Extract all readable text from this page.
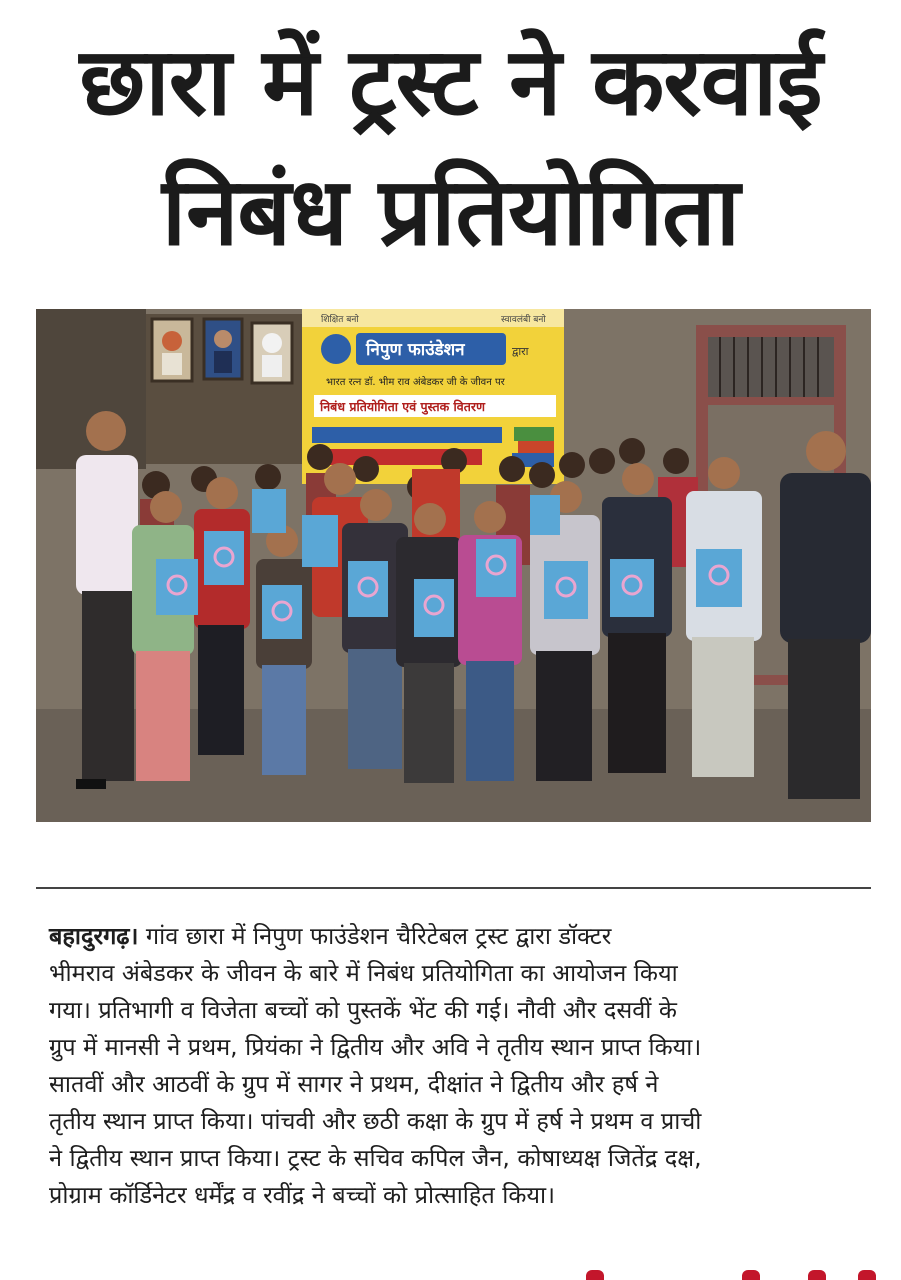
छारा में ट्रस्ट ने करवाई
निबंध प्रतियोगिता
शिक्षित बनो	स्वावलंबी बनो
निपुण फाउंडेशन	द्वारा
भारत रत्न डॉ. भीम राव अंबेडकर जी के जीवन पर
निबंध प्रतियोगिता एवं पुस्तक वितरण
बहादुरगढ़। गांव छारा में निपुण फाउंडेशन चैरिटेबल ट्रस्ट द्वारा डॉक्टर
भीमराव अंबेडकर के जीवन के बारे में निबंध प्रतियोगिता का आयोजन किया
गया। प्रतिभागी व विजेता बच्चों को पुस्तकें भेंट की गई। नौवी और दसवीं के
ग्रुप में मानसी ने प्रथम, प्रियंका ने द्वितीय और अवि ने तृतीय स्थान प्राप्त किया।
सातवीं और आठवीं के ग्रुप में सागर ने प्रथम, दीक्षांत ने द्वितीय और हर्ष ने
तृतीय स्थान प्राप्त किया। पांचवी और छठी कक्षा के ग्रुप में हर्ष ने प्रथम व प्राची
ने द्वितीय स्थान प्राप्त किया। ट्रस्ट के सचिव कपिल जैन, कोषाध्यक्ष जितेंद्र दक्ष,
प्रोग्राम कॉर्डिनेटर धर्मेंद्र व रवींद्र ने बच्चों को प्रोत्साहित किया।
